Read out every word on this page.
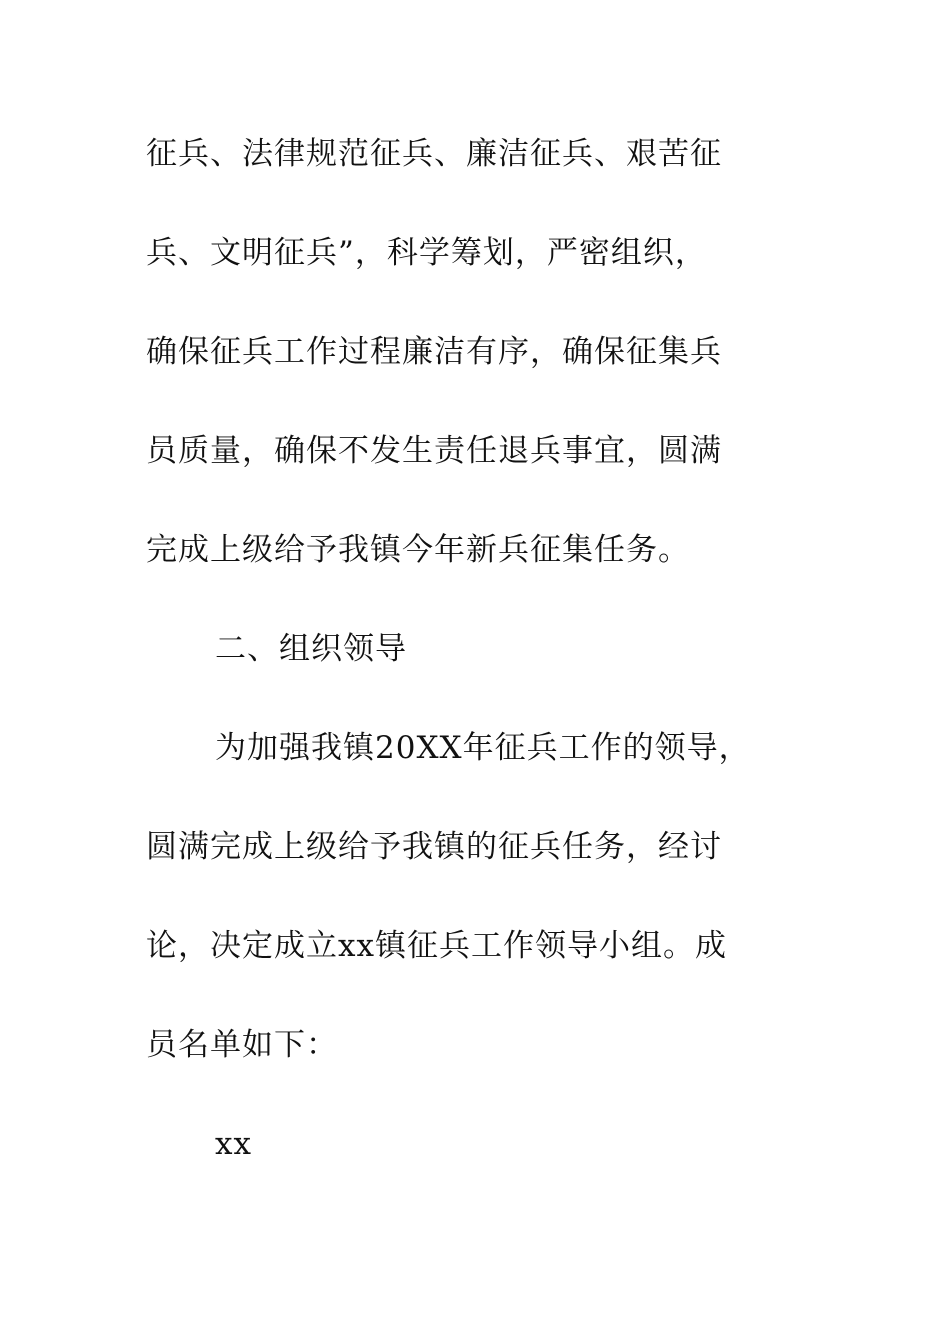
征兵、法律规范征兵、廉洁征兵、艰苦征
兵、文明征兵”，科学筹划，严密组织，
确保征兵工作过程廉洁有序，确保征集兵
员质量，确保不发生责任退兵事宜，圆满
完成上级给予我镇今年新兵征集任务。
二、组织领导
为加强我镇20XX年征兵工作的领导，
圆满完成上级给予我镇的征兵任务，经讨
论，决定成立xx镇征兵工作领导小组。成
员名单如下：
xx
